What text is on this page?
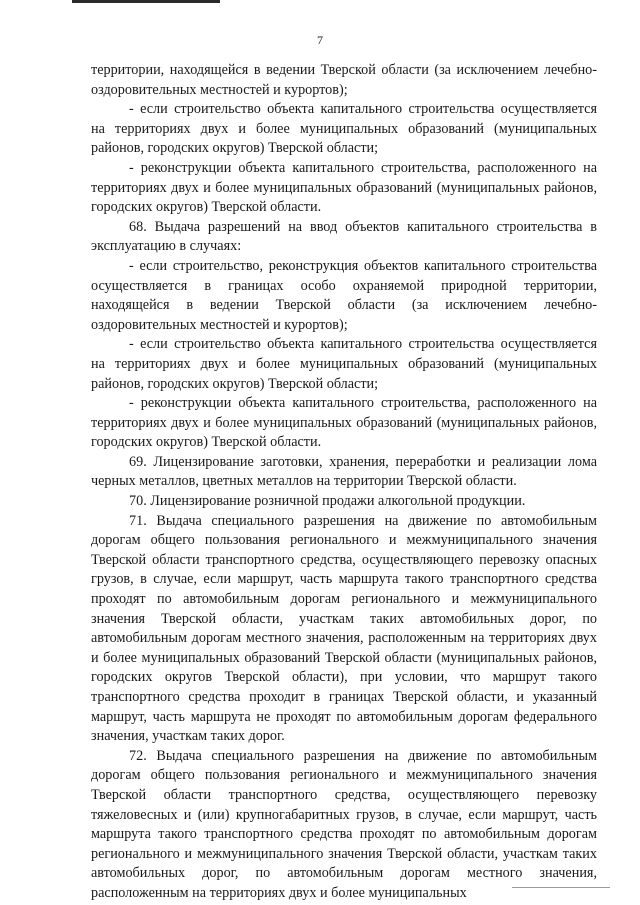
7

территории, находящейся в ведении Тверской области (за исключением лечебно-оздоровительных местностей и курортов);

- если строительство объекта капитального строительства осуществляется на территориях двух и более муниципальных образований (муниципальных районов, городских округов) Тверской области;

- реконструкции объекта капитального строительства, расположенного на территориях двух и более муниципальных образований (муниципальных районов, городских округов) Тверской области.

68. Выдача разрешений на ввод объектов капитального строительства в эксплуатацию в случаях:

- если строительство, реконструкция объектов капитального строительства осуществляется в границах особо охраняемой природной территории, находящейся в ведении Тверской области (за исключением лечебно-оздоровительных местностей и курортов);

- если строительство объекта капитального строительства осуществляется на территориях двух и более муниципальных образований (муниципальных районов, городских округов) Тверской области;

- реконструкции объекта капитального строительства, расположенного на территориях двух и более муниципальных образований (муниципальных районов, городских округов) Тверской области.

69. Лицензирование заготовки, хранения, переработки и реализации лома черных металлов, цветных металлов на территории Тверской области.

70. Лицензирование розничной продажи алкогольной продукции.

71. Выдача специального разрешения на движение по автомобильным дорогам общего пользования регионального и межмуниципального значения Тверской области транспортного средства, осуществляющего перевозку опасных грузов, в случае, если маршрут, часть маршрута такого транспортного средства проходят по автомобильным дорогам регионального и межмуниципального значения Тверской области, участкам таких автомобильных дорог, по автомобильным дорогам местного значения, расположенным на территориях двух и более муниципальных образований Тверской области (муниципальных районов, городских округов Тверской области), при условии, что маршрут такого транспортного средства проходит в границах Тверской области, и указанный маршрут, часть маршрута не проходят по автомобильным дорогам федерального значения, участкам таких дорог.

72. Выдача специального разрешения на движение по автомобильным дорогам общего пользования регионального и межмуниципального значения Тверской области транспортного средства, осуществляющего перевозку тяжеловесных и (или) крупногабаритных грузов, в случае, если маршрут, часть маршрута такого транспортного средства проходят по автомобильным дорогам регионального и межмуниципального значения Тверской области, участкам таких автомобильных дорог, по автомобильным дорогам местного значения, расположенным на территориях двух и более муниципальных
